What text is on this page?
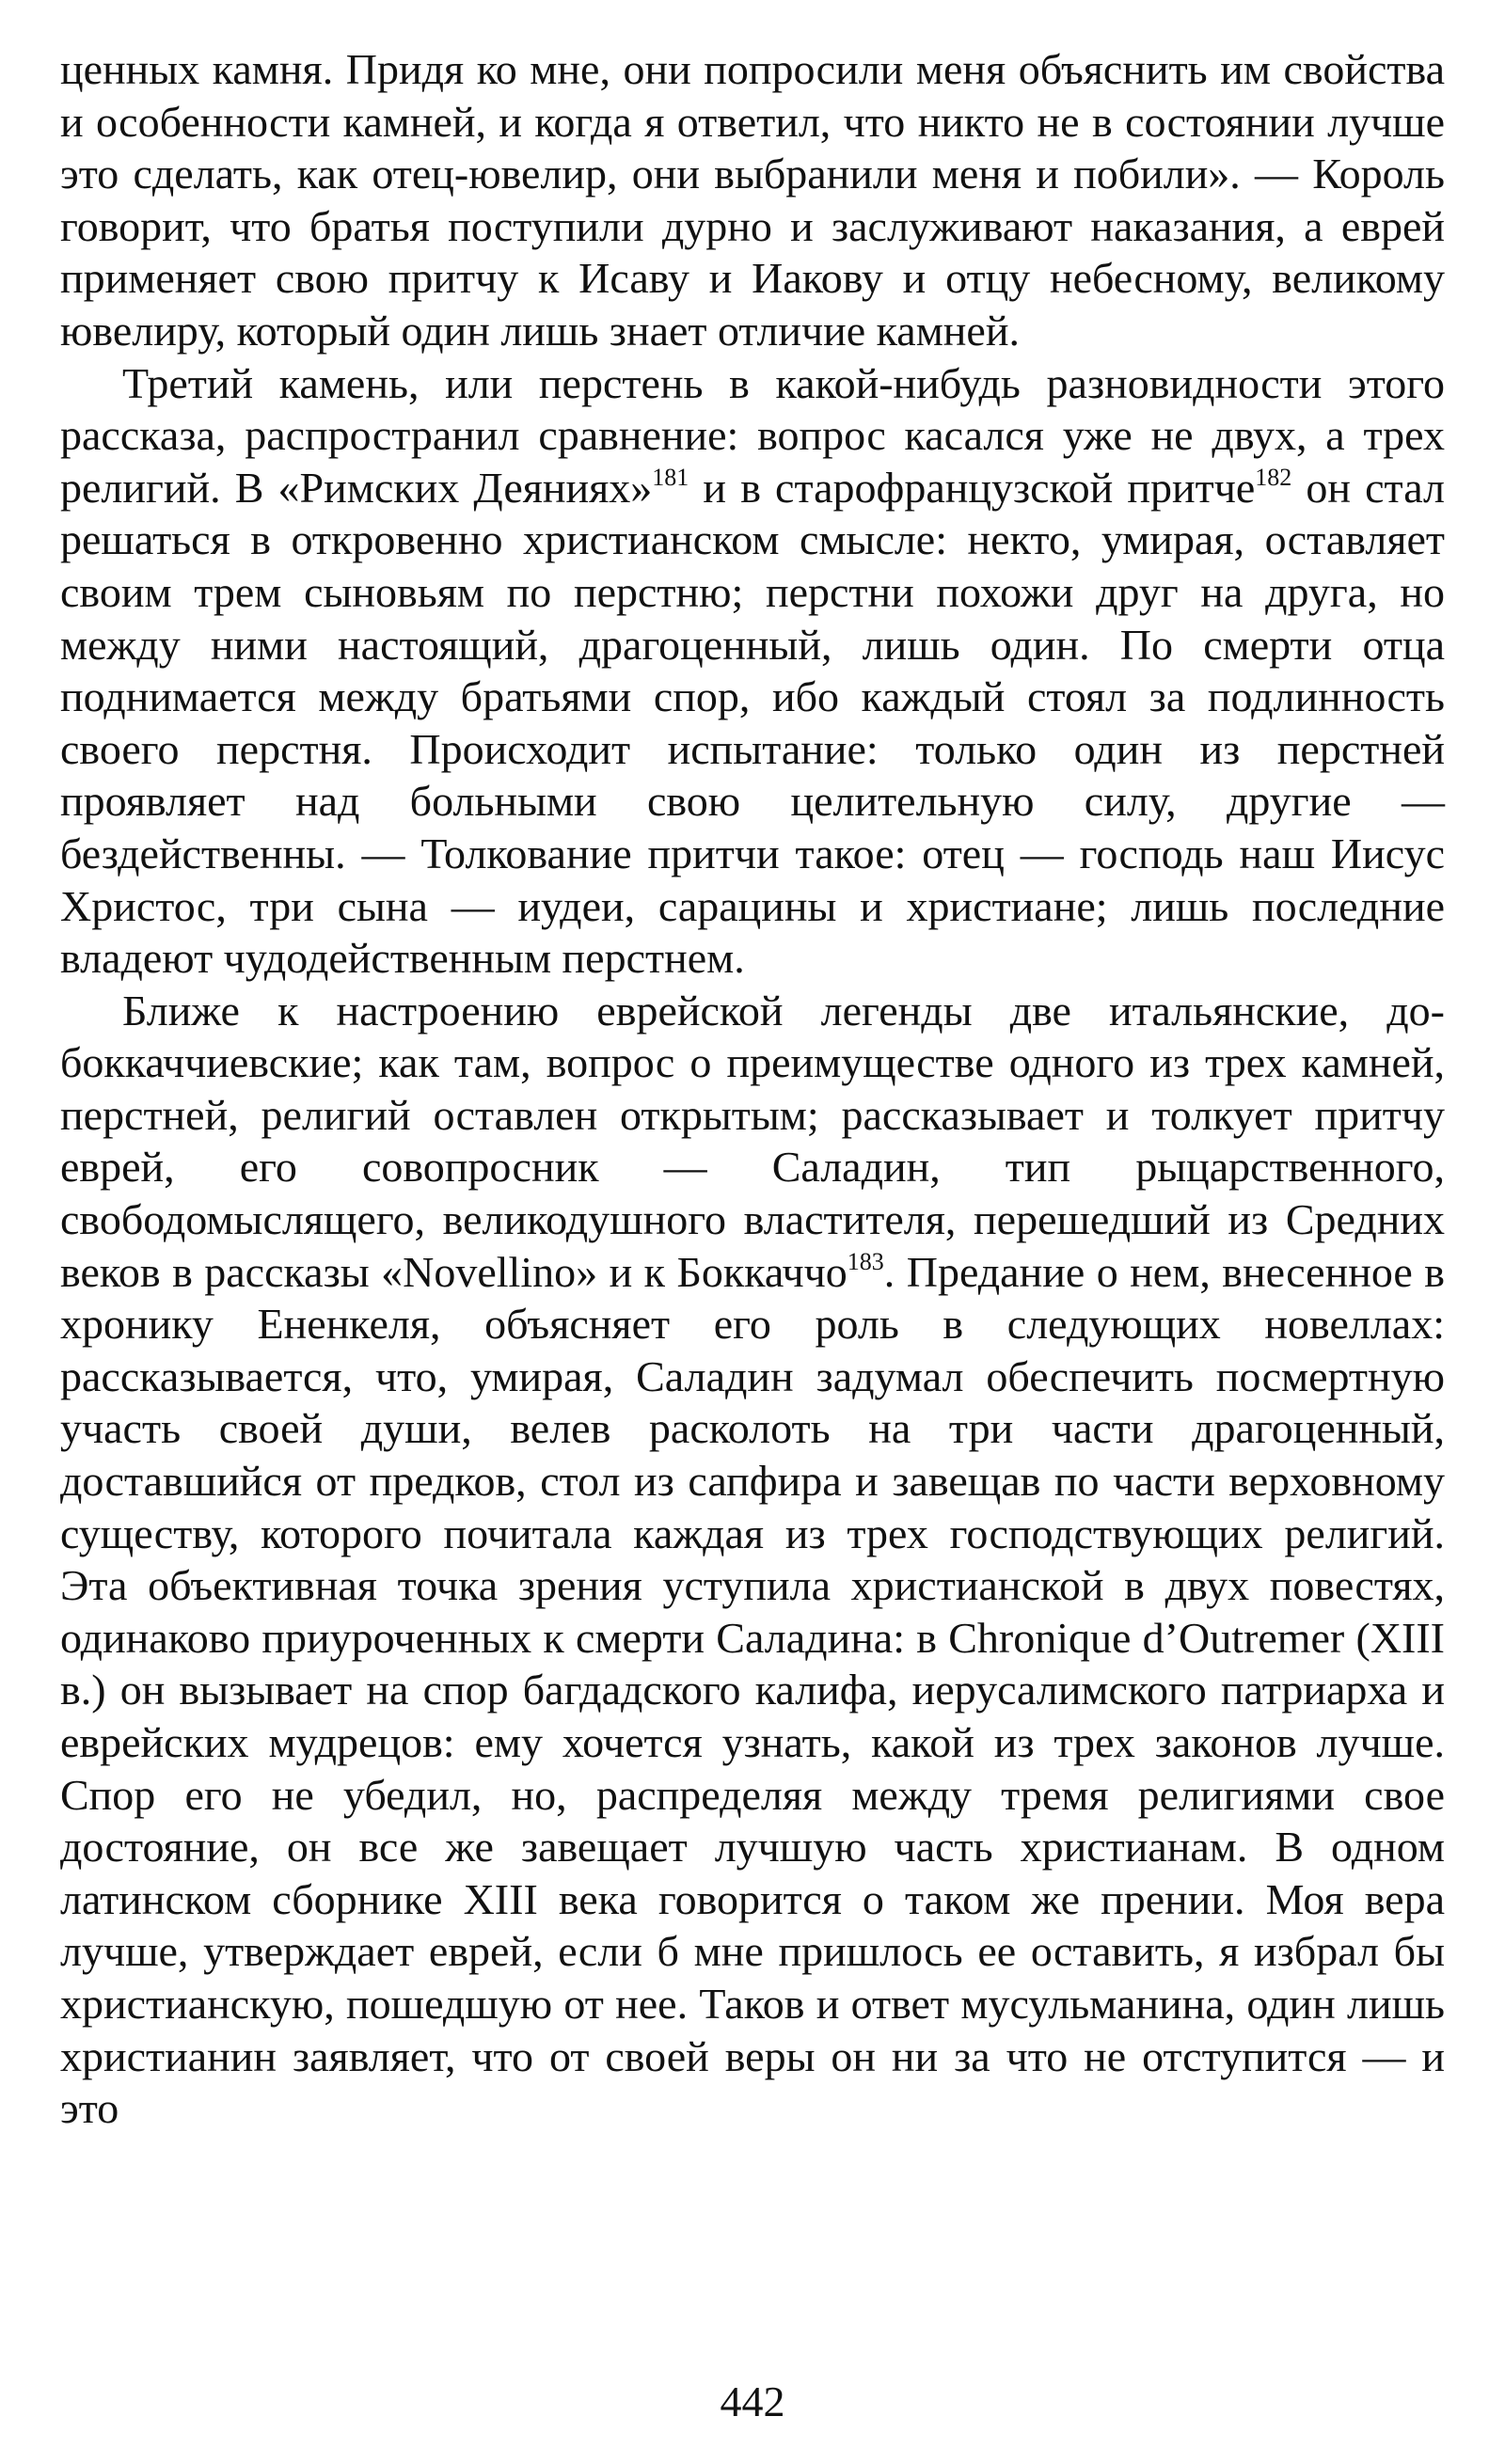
ценных камня. Придя ко мне, они попросили меня объяснить им свойства и особенности камней, и когда я ответил, что никто не в состоянии лучше это сделать, как отец-ювелир, они выбранили меня и побили». — Король говорит, что братья поступили дурно и заслуживают наказания, а еврей применяет свою притчу к Исаву и Иакову и отцу небесному, великому ювелиру, который один лишь знает отличие камней.

Третий камень, или перстень в какой-нибудь разновидности этого рассказа, распространил сравнение: вопрос касался уже не двух, а трех религий. В «Римских Деяниях»$^{181}$ и в старофранцузской притче$^{182}$ он стал решаться в откровенно христианском смысле: некто, умирая, оставляет своим трем сыновьям по перстню; перстни похожи друг на друга, но между ними настоящий, драгоценный, лишь один. По смерти отца поднимается между братьями спор, ибо каждый стоял за подлинность своего перстня. Происходит испытание: только один из перстней проявляет над больными свою целительную силу, другие — бездейственны. — Толкование притчи такое: отец — господь наш Иисус Христос, три сына — иудеи, сарацины и христиане; лишь последние владеют чудодейственным перстнем.

Ближе к настроению еврейской легенды две итальянские, добоккаччиевские; как там, вопрос о преимуществе одного из трех камней, перстней, религий оставлен открытым; рассказывает и толкует притчу еврей, его совопросник — Саладин, тип рыцарственного, свободомыслящего, великодушного властителя, перешедший из Средних веков в рассказы «Novellino» и к Боккаччо$^{183}$. Предание о нем, внесенное в хронику Ененкеля, объясняет его роль в следующих новеллах: рассказывается, что, умирая, Саладин задумал обеспечить посмертную участь своей души, велев расколоть на три части драгоценный, доставшийся от предков, стол из сапфира и завещав по части верховному существу, которого почитала каждая из трех господствующих религий. Эта объективная точка зрения уступила христианской в двух повестях, одинаково приуроченных к смерти Саладина: в Chronique d’Outremer (XIII в.) он вызывает на спор багдадского калифа, иерусалимского патриарха и еврейских мудрецов: ему хочется узнать, какой из трех законов лучше. Спор его не убедил, но, распределяя между тремя религиями свое достояние, он все же завещает лучшую часть христианам. В одном латинском сборнике XIII века говорится о таком же прении. Моя вера лучше, утверждает еврей, если б мне пришлось ее оставить, я избрал бы христианскую, пошедшую от нее. Таков и ответ мусульманина, один лишь христианин заявляет, что от своей веры он ни за что не отступится — и это

442
